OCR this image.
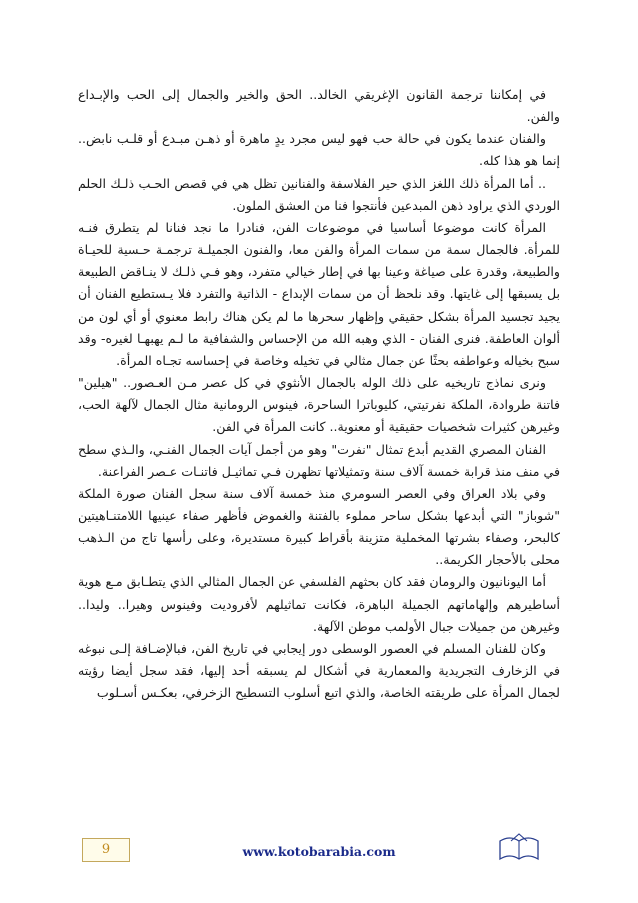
في إمكاننا ترجمة القانون الإغريقي الخالد.. الحق والخير والجمال إلى الحب والإبـداع والفن.

والفنان عندما يكون في حالة حب فهو ليس مجرد يدٍ ماهرة أو ذهـن مبـدع أو قلـب نابض.. إنما هو هذا كله.

.. أما المرأة ذلك اللغز الذي حير الفلاسفة والفنانين تظل هي في قصص الحـب ذلـك الحلم الوردي الذي يراود ذهن المبدعين فأنتجوا فنا من العشق الملون.

المرأة كانت موضوعا أساسيا في موضوعات الفن، فنادرا ما نجد فنانا لم يتطرق فنـه للمرأة. فالجمال سمة من سمات المرأة والفن معا، والفنون الجميلـة ترجمـة حـسية للحيـاة والطبيعة، وقدرة على صياغة وعينا بها في إطار خيالي متفرد، وهو فـي ذلـك لا ينـاقض الطبيعة بل يسبقها إلى غايتها. وقد نلحظ أن من سمات الإبداع - الذاتية والتفرد فلا يـستطيع الفنان أن يجيد تجسيد المرأة بشكل حقيقي وإظهار سحرها ما لم يكن هناك رابط معنوي أو أي لون من ألوان العاطفة. فنرى الفنان - الذي وهبه الله من الإحساس والشفافية ما لـم يهبهـا لغيره- وقد سبح بخياله وعواطفه بحثًا عن جمال مثالي في تخيله وخاصة في إحساسه تجـاه المرأة.

ونرى نماذج تاريخيه على ذلك الوله بالجمال الأنثوي في كل عصر مـن العـصور.. "هيلين" فاتنة طروادة، الملكة نفرتيتي، كليوباترا الساحرة، فينوس الرومانية مثال الجمال لآلهة الحب، وغيرهن كثيرات شخصيات حقيقية أو معنوية.. كانت المرأة في الفن.

الفنان المصري القديم أبدع تمثال "نفرت" وهو من أجمل آيات الجمال الفنـي، والـذي سطح في منف منذ قرابة خمسة آلاف سنة وتمثيلاتها تظهرن فـي تماثيـل فاتنـات عـصر الفراعنة.

وفي بلاد العراق وفي العصر السومري منذ خمسة آلاف سنة سجل الفنان صورة الملكة "شوباز" التي أبدعها بشكل ساحر مملوء بالفتنة والغموض فأظهر صفاء عينيها اللامتنـاهيتين كالبحر، وصفاء بشرتها المخملية متزينة بأقراط كبيرة مستديرة، وعلى رأسها تاج من الـذهب محلى بالأحجار الكريمة..

أما اليونانيون والرومان فقد كان بحثهم الفلسفي عن الجمال المثالي الذي يتطـابق مـع هوية أساطيرهم وإلهاماتهم الجميلة الباهرة، فكانت تماثيلهم لأفروديت وفينوس وهيرا.. وليدا.. وغيرهن من جميلات جبال الأولمب موطن الآلهة.

وكان للفنان المسلم في العصور الوسطى دور إيجابي في تاريخ الفن، فبالإضـافة إلـى نبوغه في الزخارف التجريدية والمعمارية في أشكال لم يسبقه أحد إليها، فقد سجل أيضا رؤيته لجمال المرأة على طريقته الخاصة، والذي اتبع أسلوب التسطيح الزخرفي، بعكـس أسـلوب

9	www.kotobarabia.com
